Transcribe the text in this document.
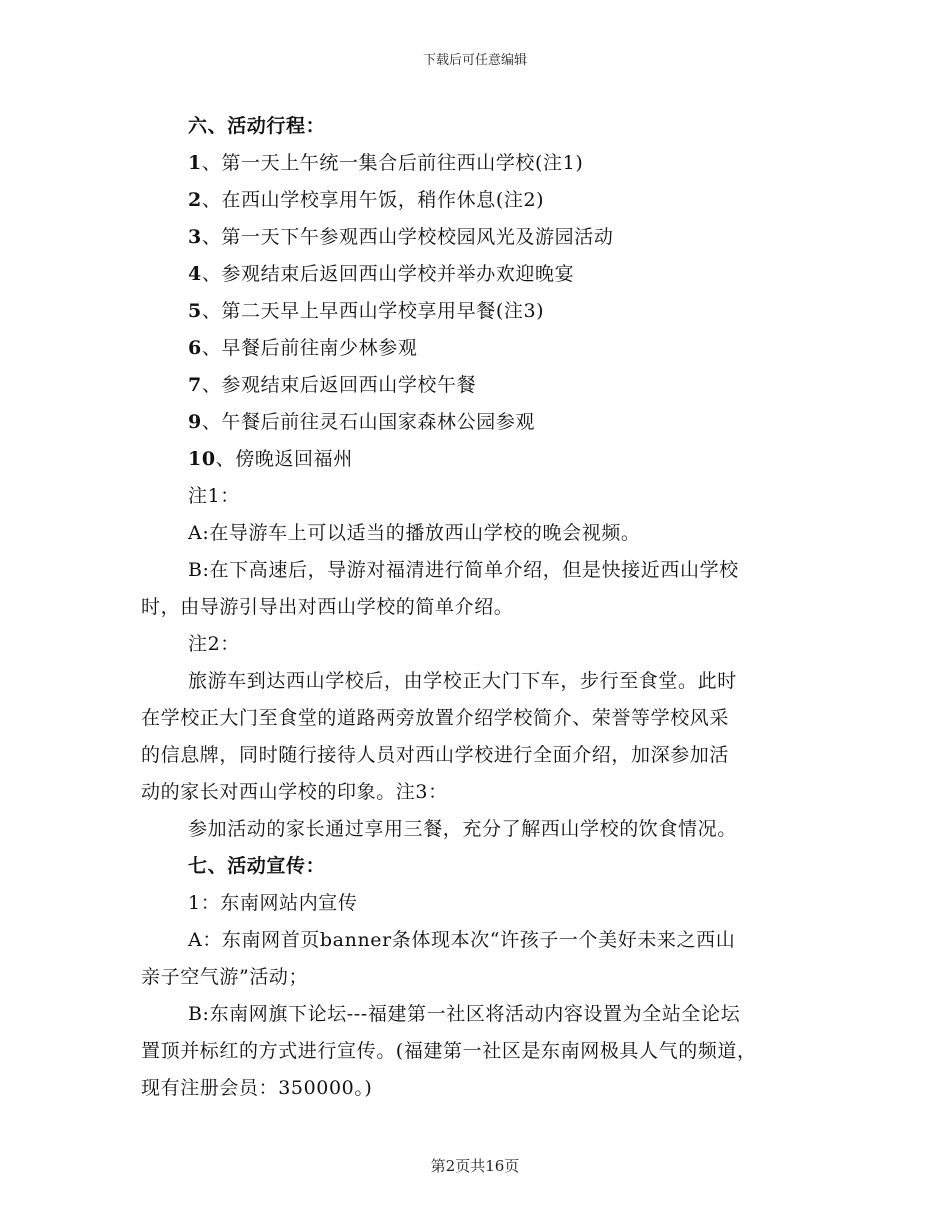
下载后可任意编辑
六、活动行程：
1、第一天上午统一集合后前往西山学校(注1)
2、在西山学校享用午饭，稍作休息(注2)
3、第一天下午参观西山学校校园风光及游园活动
4、参观结束后返回西山学校并举办欢迎晚宴
5、第二天早上早西山学校享用早餐(注3)
6、早餐后前往南少林参观
7、参观结束后返回西山学校午餐
9、午餐后前往灵石山国家森林公园参观
10、傍晚返回福州
注1：
A:在导游车上可以适当的播放西山学校的晚会视频。
B:在下高速后，导游对福清进行简单介绍，但是快接近西山学校
时，由导游引导出对西山学校的简单介绍。
注2：
旅游车到达西山学校后，由学校正大门下车，步行至食堂。此时
在学校正大门至食堂的道路两旁放置介绍学校简介、荣誉等学校风采
的信息牌，同时随行接待人员对西山学校进行全面介绍，加深参加活
动的家长对西山学校的印象。注3：
参加活动的家长通过享用三餐，充分了解西山学校的饮食情况。
七、活动宣传：
1：东南网站内宣传
A：东南网首页banner条体现本次“许孩子一个美好未来之西山
亲子空气游”活动；
B:东南网旗下论坛---福建第一社区将活动内容设置为全站全论坛
置顶并标红的方式进行宣传。(福建第一社区是东南网极具人气的频道，
现有注册会员：350000。)
第2页共16页
